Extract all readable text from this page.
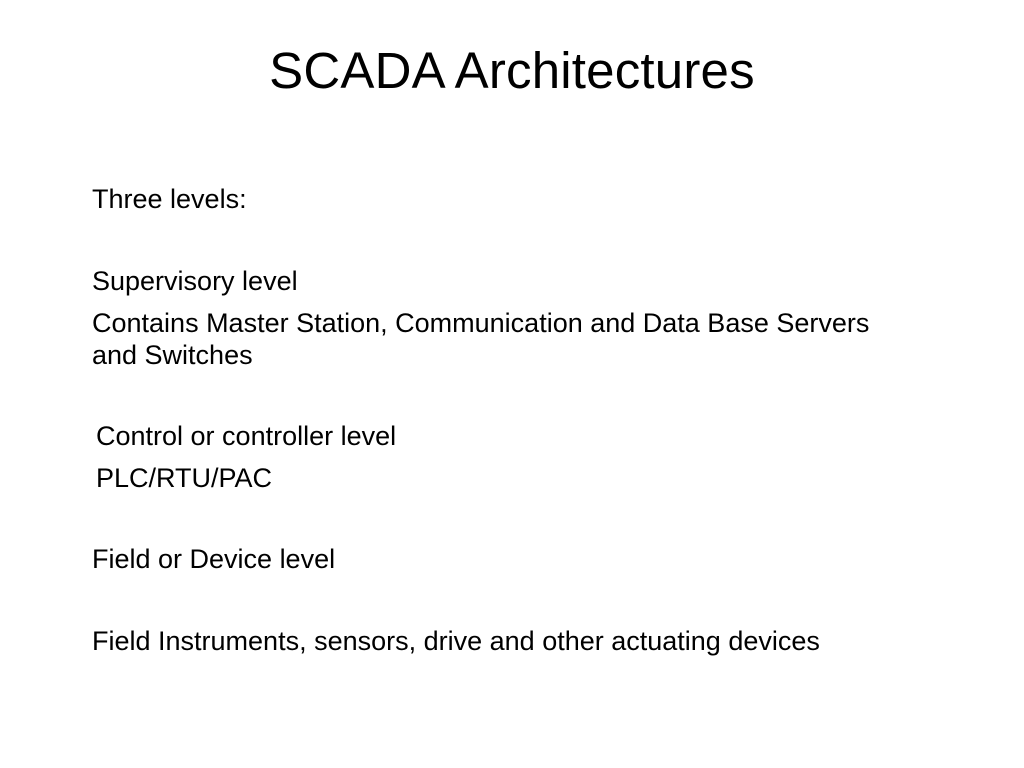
SCADA Architectures

Three levels:

Supervisory level

Contains Master Station, Communication and Data Base Servers and Switches

Control or controller level

PLC/RTU/PAC

Field or Device level

Field Instruments, sensors, drive and other actuating devices
